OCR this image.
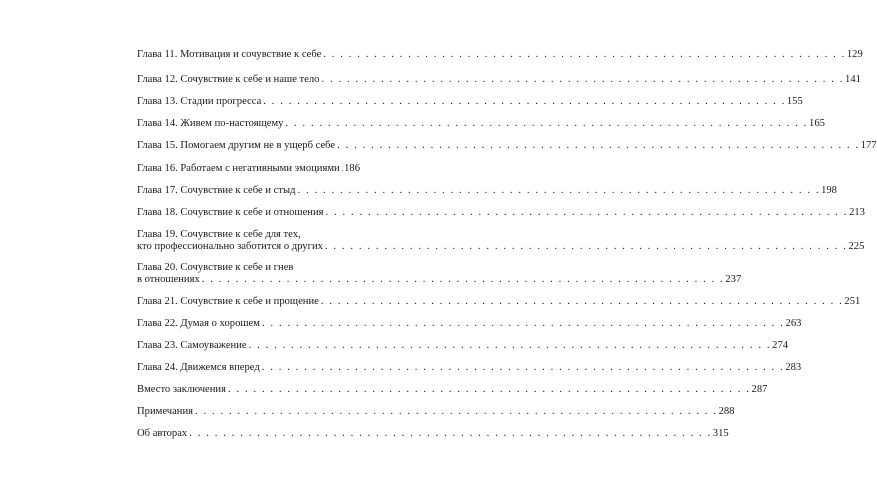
Глава 11. Мотивация и сочувствие к себе . . . . . . . . . . . . . . . . . . . . . . . . . . . . . . . . . . . . . . . . . . . . . . . . . . . . . . . . . . . . . . 129
Глава 12. Сочувствие к себе и наше тело . . . . . . . . . . . . . . . . . . . . . . . . . . . . . . . . . . . . . . . . . . . . . . . . . . . . . . . . . . . . . . 141
Глава 13. Стадии прогресса . . . . . . . . . . . . . . . . . . . . . . . . . . . . . . . . . . . . . . . . . . . . . . . . . . . . . . . . . . . . . . 155
Глава 14. Живем по-настоящему . . . . . . . . . . . . . . . . . . . . . . . . . . . . . . . . . . . . . . . . . . . . . . . . . . . . . . . . . . . . . . 165
Глава 15. Помогаем другим не в ущерб себе . . . . . . . . . . . . . . . . . . . . . . . . . . . . . . . . . . . . . . . . . . . . . . . . . . . . . . . . . . . . . . 177
Глава 16. Работаем с негативными эмоциями 186
Глава 17. Сочувствие к себе и стыд . . . . . . . . . . . . . . . . . . . . . . . . . . . . . . . . . . . . . . . . . . . . . . . . . . . . . . . . . . . . . . 198
Глава 18. Сочувствие к себе и отношения . . . . . . . . . . . . . . . . . . . . . . . . . . . . . . . . . . . . . . . . . . . . . . . . . . . . . . . . . . . . . . 213
Глава 19. Сочувствие к себе для тех,
кто профессионально заботится о других . . . . . . . . . . . . . . . . . . . . . . . . . . . . . . . . . . . . . . . . . . . . . . . . . . . . . . . . . . . . . . 225
Глава 20. Сочувствие к себе и гнев
в отношениях . . . . . . . . . . . . . . . . . . . . . . . . . . . . . . . . . . . . . . . . . . . . . . . . . . . . . . . . . . . . . . 237
Глава 21. Сочувствие к себе и прощение . . . . . . . . . . . . . . . . . . . . . . . . . . . . . . . . . . . . . . . . . . . . . . . . . . . . . . . . . . . . . . 251
Глава 22. Думая о хорошем . . . . . . . . . . . . . . . . . . . . . . . . . . . . . . . . . . . . . . . . . . . . . . . . . . . . . . . . . . . . . . 263
Глава 23. Самоуважение . . . . . . . . . . . . . . . . . . . . . . . . . . . . . . . . . . . . . . . . . . . . . . . . . . . . . . . . . . . . . . 274
Глава 24. Движемся вперед . . . . . . . . . . . . . . . . . . . . . . . . . . . . . . . . . . . . . . . . . . . . . . . . . . . . . . . . . . . . . . 283
Вместо заключения . . . . . . . . . . . . . . . . . . . . . . . . . . . . . . . . . . . . . . . . . . . . . . . . . . . . . . . . . . . . . . 287
Примечания . . . . . . . . . . . . . . . . . . . . . . . . . . . . . . . . . . . . . . . . . . . . . . . . . . . . . . . . . . . . . . 288
Об авторах . . . . . . . . . . . . . . . . . . . . . . . . . . . . . . . . . . . . . . . . . . . . . . . . . . . . . . . . . . . . . . 315
